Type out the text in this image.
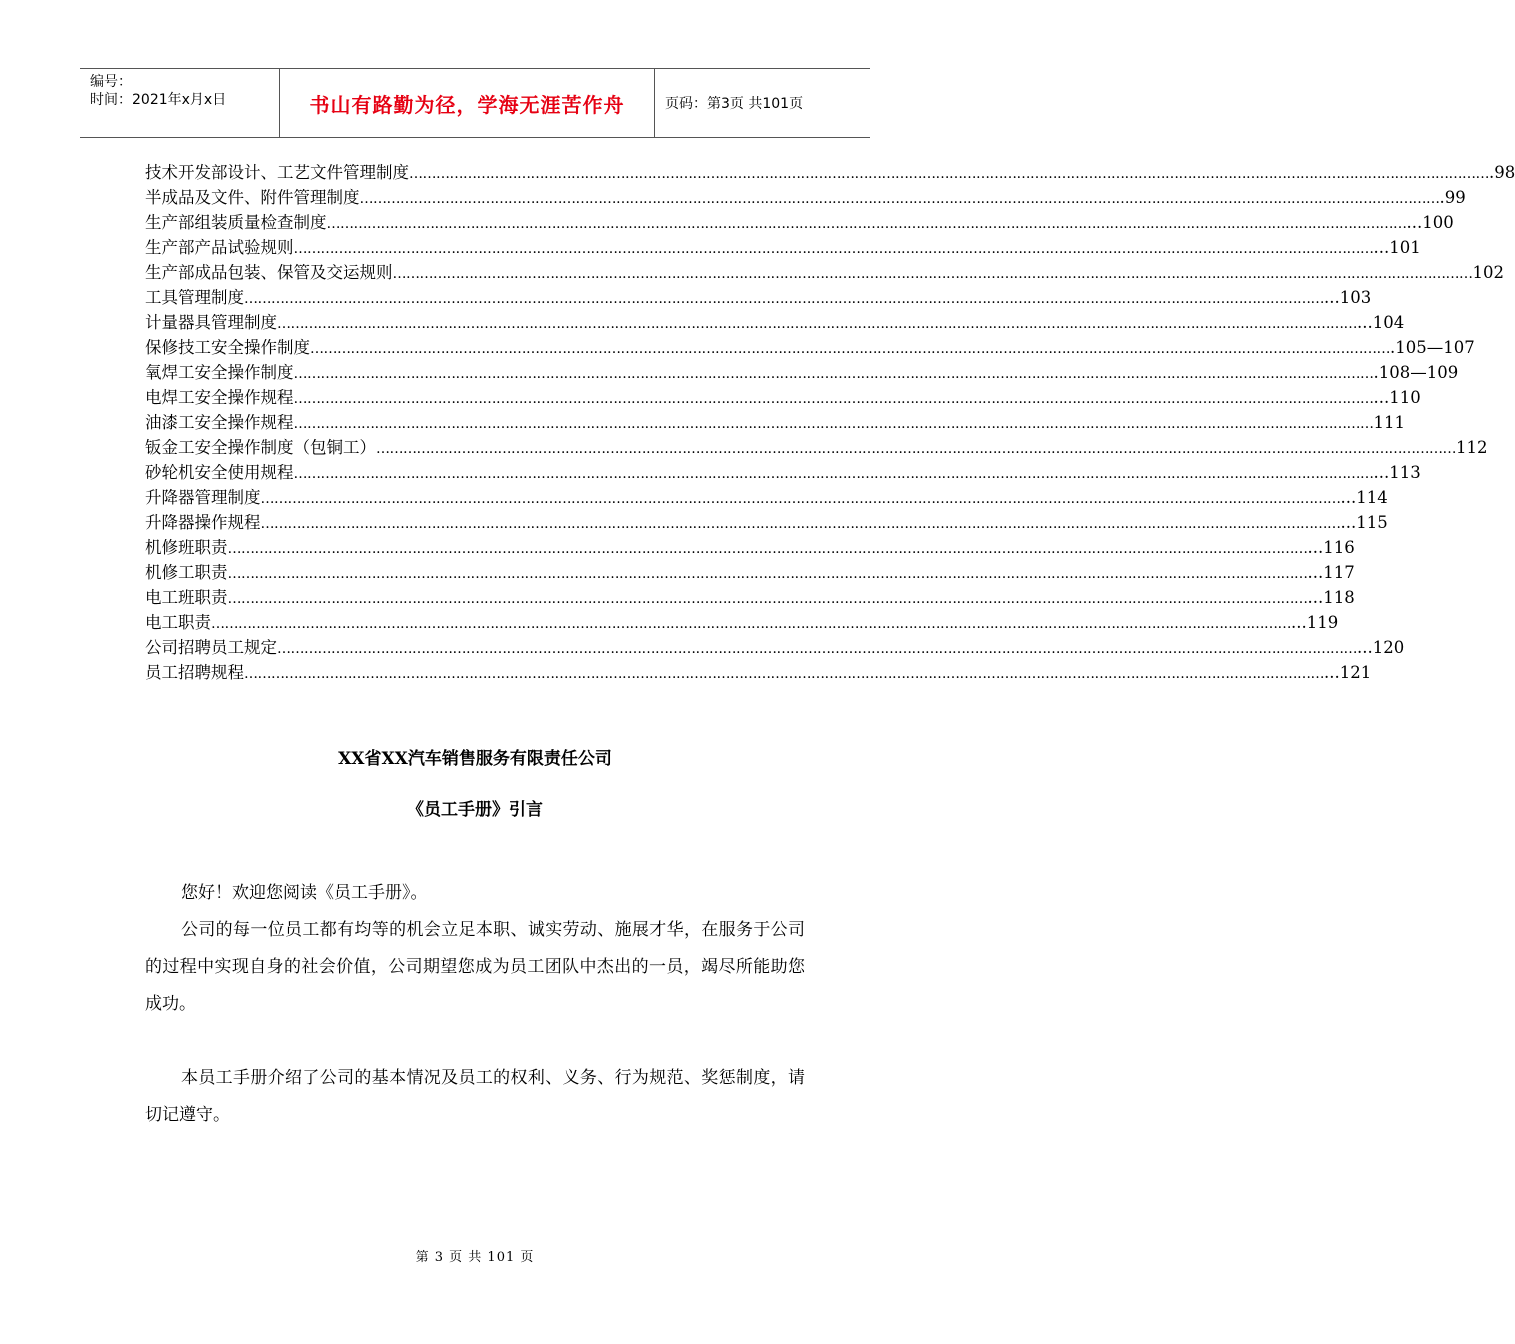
编号：
时间：2021年x月x日	书山有路勤为径，学海无涯苦作舟	页码：第3页 共101页
技术开发部设计、工艺文件管理制度 …………………………………………………………………………………………………………………………………………………………………………………………………………………… .98
半成品及文件、附件管理制度 …………………………………………………………………………………………………………………………………………………………………………………………………………………… .99
生产部组装质量检查制度 …………………………………………………………………………………………………………………………………………………………………………………………………………………… ...100
生产部产品试验规则 …………………………………………………………………………………………………………………………………………………………………………………………………………………… ...101
生产部成品包装、保管及交运规则 …………………………………………………………………………………………………………………………………………………………………………………………………………………… 102
工具管理制度 …………………………………………………………………………………………………………………………………………………………………………………………………………………… ...103
计量器具管理制度 …………………………………………………………………………………………………………………………………………………………………………………………………………………… ...104
保修技工安全操作制度 …………………………………………………………………………………………………………………………………………………………………………………………………………………… .105—107
氧焊工安全操作制度 …………………………………………………………………………………………………………………………………………………………………………………………………………………… .108—109
电焊工安全操作规程 …………………………………………………………………………………………………………………………………………………………………………………………………………………… ...110
油漆工安全操作规程 …………………………………………………………………………………………………………………………………………………………………………………………………………………… 111
钣金工安全操作制度（包铜工） …………………………………………………………………………………………………………………………………………………………………………………………………………………… 112
砂轮机安全使用规程 …………………………………………………………………………………………………………………………………………………………………………………………………………………… ...113
升降器管理制度 …………………………………………………………………………………………………………………………………………………………………………………………………………………… ...114
升降器操作规程 …………………………………………………………………………………………………………………………………………………………………………………………………………………… ...115
机修班职责 …………………………………………………………………………………………………………………………………………………………………………………………………………………… ...116
机修工职责 …………………………………………………………………………………………………………………………………………………………………………………………………………………… ...117
电工班职责 …………………………………………………………………………………………………………………………………………………………………………………………………………………… ...118
电工职责 …………………………………………………………………………………………………………………………………………………………………………………………………………………… ...119
公司招聘员工规定 …………………………………………………………………………………………………………………………………………………………………………………………………………………… ...120
员工招聘规程 …………………………………………………………………………………………………………………………………………………………………………………………………………………… ...121
XX省XX汽车销售服务有限责任公司
《员工手册》引言
您好！欢迎您阅读《员工手册》。
公司的每一位员工都有均等的机会立足本职、诚实劳动、施展才华，在服务于公司的过程中实现自身的社会价值，公司期望您成为员工团队中杰出的一员，竭尽所能助您成功。
本员工手册介绍了公司的基本情况及员工的权利、义务、行为规范、奖惩制度，请切记遵守。
第 3 页 共 101 页
